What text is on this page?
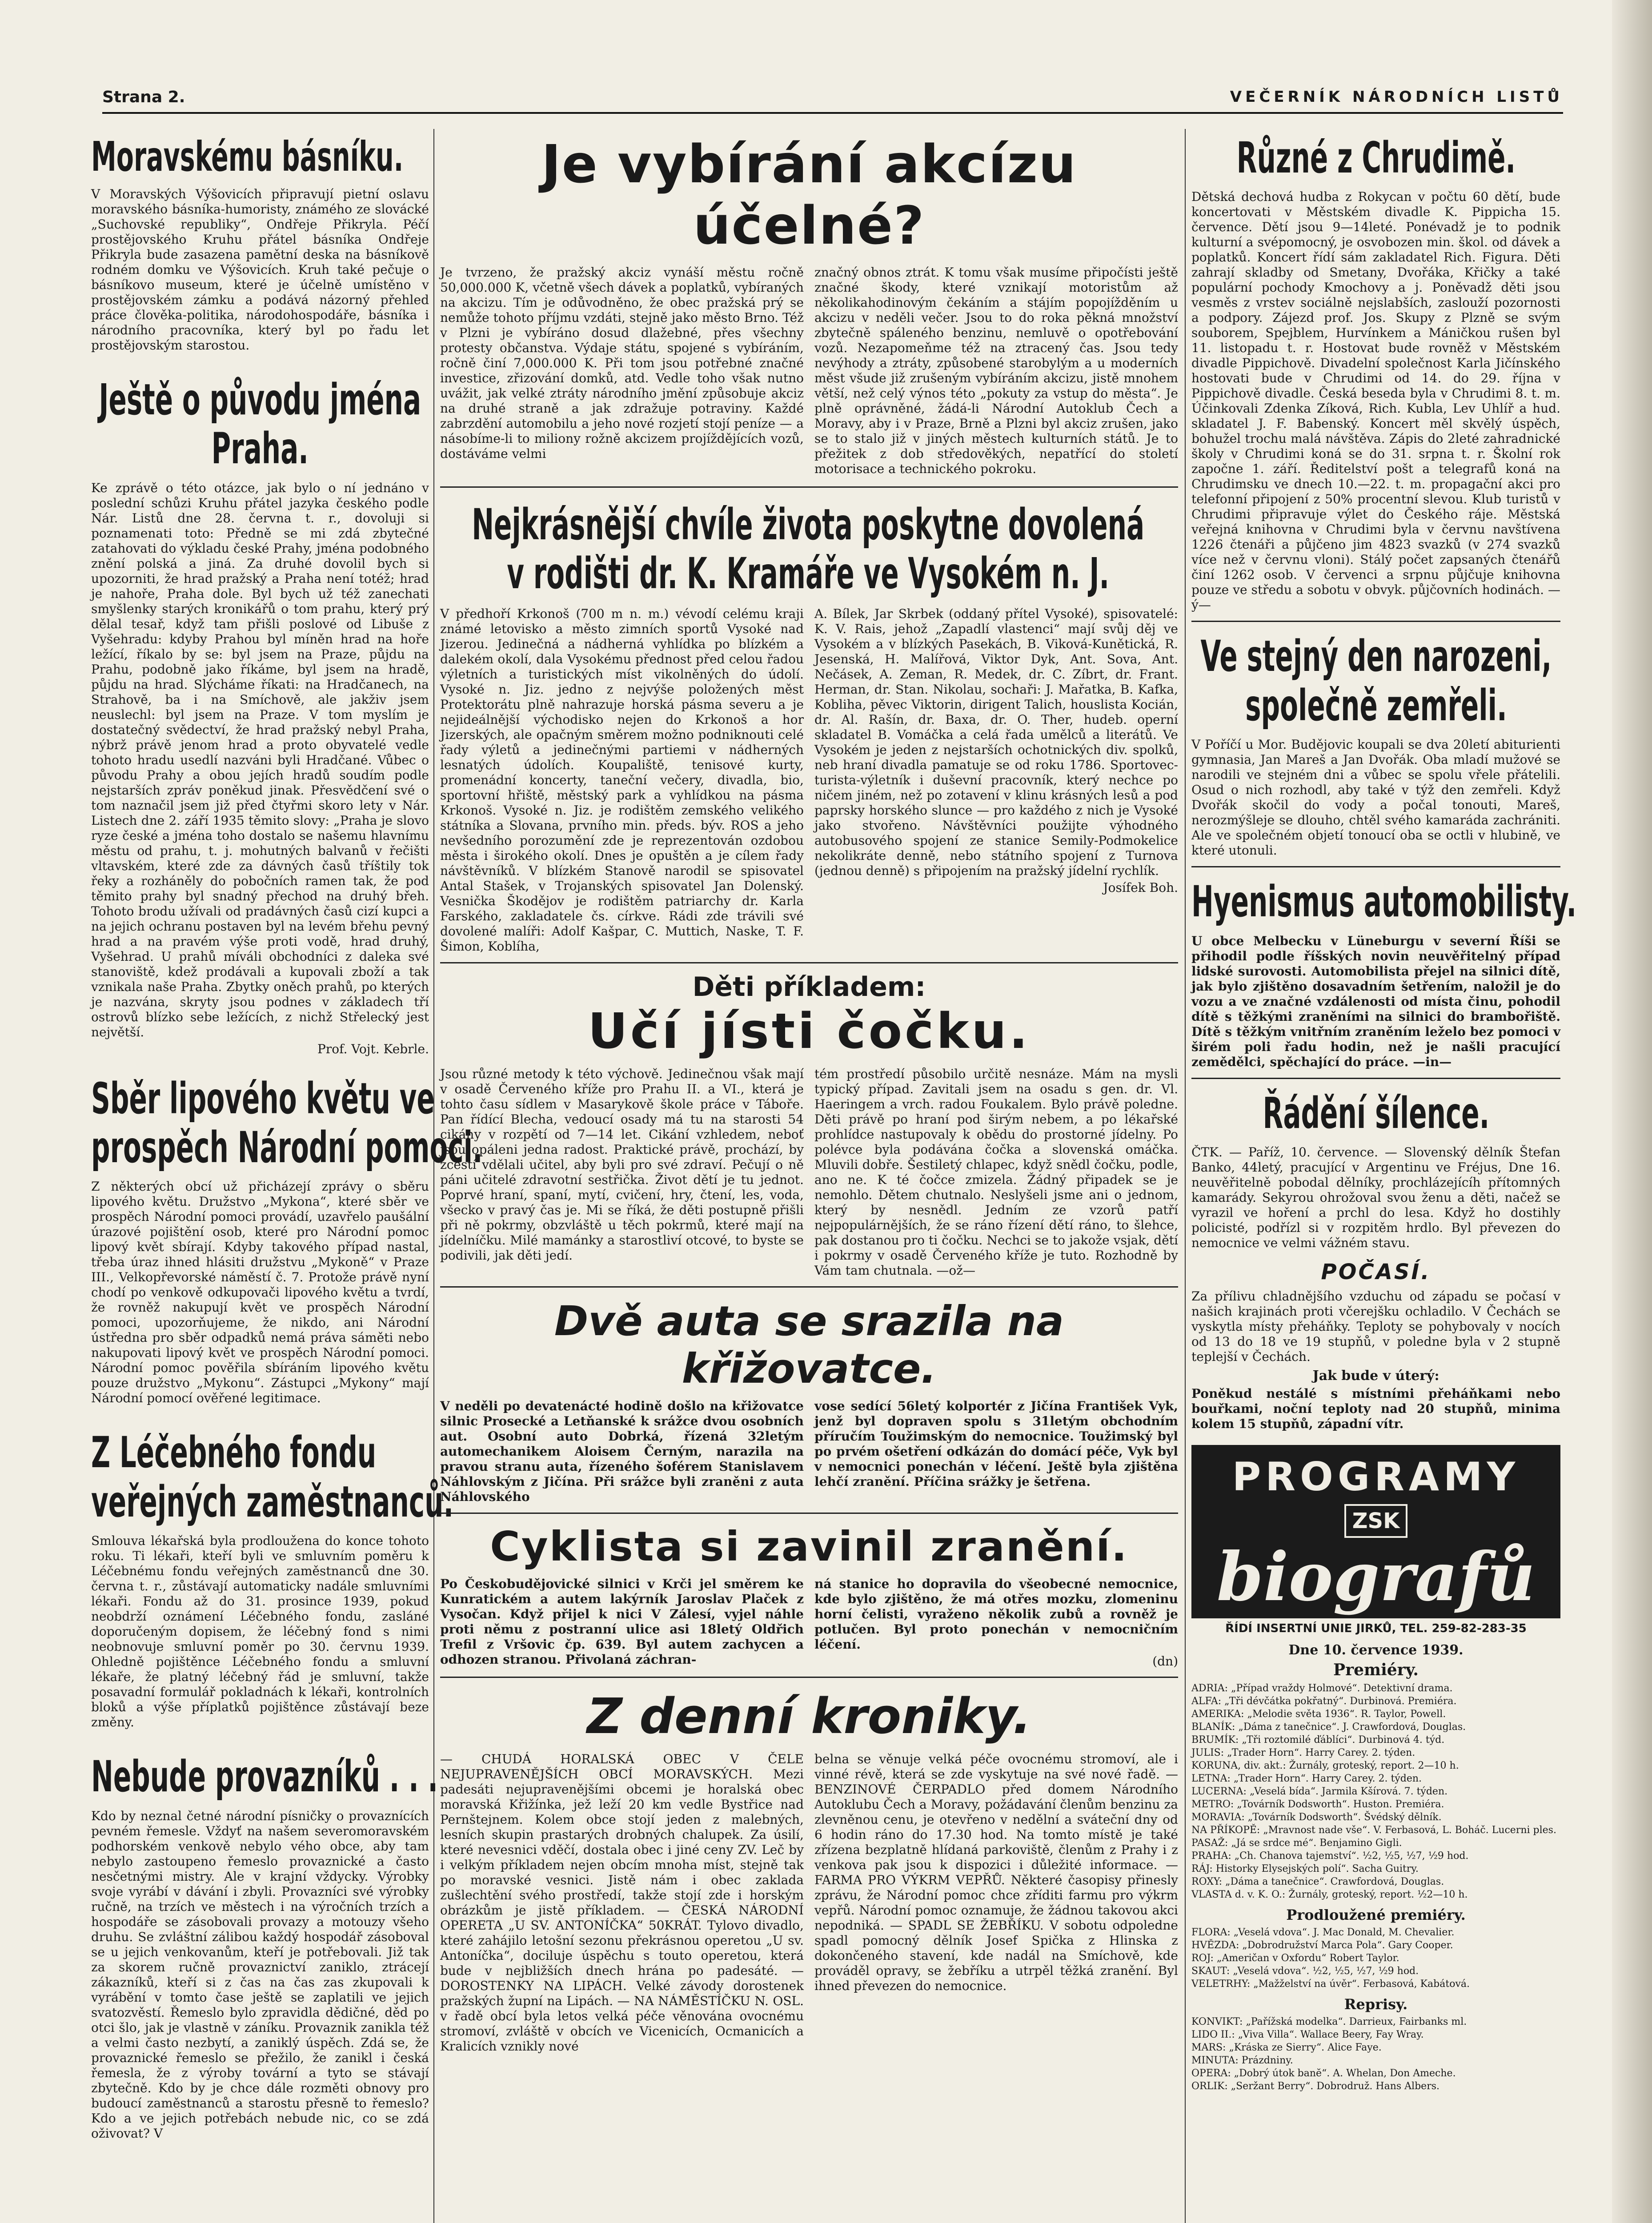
Strana 2.	VEČERNÍK NÁRODNÍCH LISTŮ
Moravskému básníku.

V Moravských Výšovicích připravují pietní oslavu moravského básníka-humoristy, známého ze slovácké „Suchovské republiky“, Ondřeje Přikryla. Péčí prostějovského Kruhu přátel básníka Ondřeje Přikryla bude zasazena pamětní deska na básníkově rodném domku ve Výšovicích. Kruh také pečuje o básníkovo museum, které je účelně umístěno v prostějovském zámku a podává názorný přehled práce člověka-politika, národohospodáře, básníka i národního pracovníka, který byl po řadu let prostějovským starostou.

Ještě o původu jména
Praha.

Ke zprávě o této otázce, jak bylo o ní jednáno v poslední schůzi Kruhu přátel jazyka českého podle Nár. Listů dne 28. června t. r., dovoluji si poznamenati toto: Předně se mi zdá zbytečné zatahovati do výkladu české Prahy, jména podobného znění polská a jiná. Za druhé dovolil bych si upozorniti, že hrad pražský a Praha není totéž; hrad je nahoře, Praha dole. Byl bych už též zanechati smyšlenky starých kronikářů o tom prahu, který prý dělal tesař, když tam přišli poslové od Libuše z Vyšehradu: kdyby Prahou byl míněn hrad na hoře ležící, říkalo by se: byl jsem na Praze, půjdu na Prahu, podobně jako říkáme, byl jsem na hradě, půjdu na hrad. Slýcháme říkati: na Hradčanech, na Strahově, ba i na Smíchově, ale jakživ jsem neuslechl: byl jsem na Praze. V tom myslím je dostatečný svědectví, že hrad pražský nebyl Praha, nýbrž právě jenom hrad a proto obyvatelé vedle tohoto hradu usedlí nazváni byli Hradčané. Vůbec o původu Prahy a obou jejích hradů soudím podle nejstarších zpráv poněkud jinak. Přesvědčení své o tom naznačil jsem již před čtyřmi skoro lety v Nár. Listech dne 2. září 1935 těmito slovy: „Praha je slovo ryze české a jména toho dostalo se našemu hlavnímu městu od prahu, t. j. mohutných balvanů v řečišti vltavském, které zde za dávných časů tříštily tok řeky a rozháněly do pobočních ramen tak, že pod těmito prahy byl snadný přechod na druhý břeh. Tohoto brodu užívali od pradávných časů cizí kupci a na jejich ochranu postaven byl na levém břehu pevný hrad a na pravém výše proti vodě, hrad druhý, Vyšehrad. U prahů míváli obchodníci z daleka své stanoviště, kdež prodávali a kupovali zboží a tak vznikala naše Praha. Zbytky oněch prahů, po kterých je nazvána, skryty jsou podnes v základech tří ostrovů blízko sebe ležících, z nichž Střelecký jest největší.

Prof. Vojt. Kebrle.

Sběr lipového květu ve
prospěch Národní pomoci.

Z některých obcí už přicházejí zprávy o sběru lipového květu. Družstvo „Mykona“, které sběr ve prospěch Národní pomoci provádí, uzavřelo paušální úrazové pojištění osob, které pro Národní pomoc lipový květ sbírají. Kdyby takového případ nastal, třeba úraz ihned hlásiti družstvu „Mykoně“ v Praze III., Velkopřevorské náměstí č. 7. Protože právě nyní chodí po venkově odkupovači lipového květu a tvrdí, že rovněž nakupují květ ve prospěch Národní pomoci, upozorňujeme, že nikdo, ani Národní ústředna pro sběr odpadků nemá práva sáměti nebo nakupovati lipový květ ve prospěch Národní pomoci. Národní pomoc pověřila sbíráním lipového květu pouze družstvo „Mykonu“. Zástupci „Mykony“ mají Národní pomocí ověřené legitimace.

Z Léčebného fondu
veřejných zaměstnanců.

Smlouva lékařská byla prodloužena do konce tohoto roku. Ti lékaři, kteří byli ve smluvním poměru k Léčebnému fondu veřejných zaměstnanců dne 30. června t. r., zůstávají automaticky nadále smluvními lékaři. Fondu až do 31. prosince 1939, pokud neobdrží oznámení Léčebného fondu, zasláné doporučeným dopisem, že léčebný fond s nimi neobnovuje smluvní poměr po 30. červnu 1939. Ohledně pojištěnce Léčebného fondu a smluvní lékaře, že platný léčebný řád je smluvní, takže posavadní formulář pokladnách k lékaři, kontrolních bloků a výše příplatků pojištěnce zůstávají beze změny.

Nebude provazníků . . .

Kdo by neznal četné národní písničky o provaznících pevném řemesle. Vždyť na našem severomoravském podhorském venkově nebylo vého obce, aby tam nebylo zastoupeno řemeslo provaznické a často nesčetnými mistry. Ale v krajní vždycky. Výrobky svoje vyrábí v dávání i zbyli. Provazníci své výrobky ručně, na trzích ve městech i na výročních trzích a hospodáře se zásobovali provazy a motouzy všeho druhu. Se zvláštní zálibou každý hospodář zásoboval se u jejich venkovanům, kteří je potřebovali. Již tak za skorem ručně provaznictví zaniklo, ztrácejí zákazníků, kteří si z čas na čas zas zkupovali k vyrábění v tomto čase ještě se zaplatili ve jejich svatozvěstí. Řemeslo bylo zpravidla dědičné, děd po otci šlo, jak je vlastně v záníku. Provaznik zanikla též a velmi často nezbytí, a zaniklý úspěch. Zdá se, že provaznické řemeslo se přežilo, že zanikl i česká řemesla, že z výroby tovární a tyto se stávají zbytečně. Kdo by je chce dále rozměti obnovy pro budoucí zaměstnanců a starostu přesně to řemeslo? Kdo a ve jejich potřebách nebude nic, co se zdá oživovat? V

Je vybírání akcízu účelné?

Je tvrzeno, že pražský akciz vynáší městu ročně 50,000.000 K, včetně všech dávek a poplatků, vybíraných na akcizu. Tím je odůvodněno, že obec pražská prý se nemůže tohoto příjmu vzdáti, stejně jako město Brno. Též v Plzni je vybíráno dosud dlažebné, přes všechny protesty občanstva. Výdaje státu, spojené s vybíráním, ročně činí 7,000.000 K. Při tom jsou potřebné značné investice, zřizování domků, atd. Vedle toho však nutno uvážit, jak velké ztráty národního jmění způsobuje akciz na druhé straně a jak zdražuje potraviny. Každé zabrzdění automobilu a jeho nové rozjetí stojí peníze — a násobíme-li to miliony rožně akcizem projíždějících vozů, dostáváme velmi

značný obnos ztrát. K tomu však musíme připočísti ještě značné škody, které vznikají motoristům až několikahodinovým čekáním a stájím popojížděním u akcizu v neděli večer. Jsou to do roka pěkná množství zbytečně spáleného benzinu, nemluvě o opotřebování vozů. Nezapomeňme též na ztracený čas. Jsou tedy nevýhody a ztráty, způsobené starobylým a u moderních měst všude již zrušeným vybíráním akcizu, jistě mnohem větší, než celý výnos této „pokuty za vstup do města“. Je plně oprávněné, žádá-li Národní Autoklub Čech a Moravy, aby i v Praze, Brně a Plzni byl akciz zrušen, jako se to stalo již v jiných městech kulturních států. Je to přežitek z dob středověkých, nepatřící do století motorisace a technického pokroku.

Nejkrásnější chvíle života poskytne dovolená
v rodišti dr. K. Kramáře ve Vysokém n. J.

V předhoří Krkonoš (700 m n. m.) vévodí celému kraji známé letovisko a město zimních sportů Vysoké nad Jizerou. Jedinečná a nádherná vyhlídka po blízkém a dalekém okolí, dala Vysokému přednost před celou řadou výletních a turistických míst vikolněných do údolí. Vysoké n. Jiz. jedno z nejvýše položených měst Protektorátu plně nahrazuje horská pásma severu a je nejideálnější východisko nejen do Krkonoš a hor Jizerských, ale opačným směrem možno podniknouti celé řady výletů a jedinečnými partiemi v nádherných lesnatých údolích. Koupaliště, tenisové kurty, promenádní koncerty, taneční večery, divadla, bio, sportovní hřiště, městský park a vyhlídkou na pásma Krkonoš. Vysoké n. Jiz. je rodištěm zemského velikého státníka a Slovana, prvního min. předs. býv. ROS a jeho nevšedního porozumění zde je reprezentován ozdobou města i širokého okolí. Dnes je opuštěn a je cílem řady návštěvníků. V blízkém Stanově narodil se spisovatel Antal Stašek, v Trojanských spisovatel Jan Dolenský. Vesnička Škodějov je rodištěm patriarchy dr. Karla Farského, zakladatele čs. církve. Rádi zde trávili své dovolené malíři: Adolf Kašpar, C. Muttich, Naske, T. F. Šimon, Koblíha,

A. Bílek, Jar Skrbek (oddaný přítel Vysoké), spisovatelé: K. V. Rais, jehož „Zapadlí vlastenci“ mají svůj děj ve Vysokém a v blízkých Pasekách, B. Viková-Kunětická, R. Jesenská, H. Malířová, Viktor Dyk, Ant. Sova, Ant. Nečásek, A. Zeman, R. Medek, dr. C. Zíbrt, dr. Frant. Herman, dr. Stan. Nikolau, sochaři: J. Mařatka, B. Kafka, Kobliha, pěvec Viktorin, dirigent Talich, houslista Kocián, dr. Al. Rašín, dr. Baxa, dr. O. Ther, hudeb. operní skladatel B. Vomáčka a celá řada umělců a literátů. Ve Vysokém je jeden z nejstarších ochotnických div. spolků, neb hraní divadla pamatuje se od roku 1786. Sportovec-turista-výletník i duševní pracovník, který nechce po ničem jiném, než po zotavení v klinu krásných lesů a pod paprsky horského slunce — pro každého z nich je Vysoké jako stvořeno. Návštěvníci použijte výhodného autobusového spojení ze stanice Semily-Podmokelice nekolikráte denně, nebo státního spojení z Turnova (jednou denně) s připojením na pražský jídelní rychlík.

Josífek Boh.

Děti příkladem:

Učí jísti čočku.

Jsou různé metody k této výchově. Jedinečnou však mají v osadě Červeného kříže pro Prahu II. a VI., která je tohto času sídlem v Masarykově škole práce v Táboře. Pan řídící Blecha, vedoucí osady má tu na starosti 54 cikány v rozpětí od 7—14 let. Cikání vzhledem, neboť jsou opáleni jedna radost. Praktické právě, prochází, by zcestí vdělali učitel, aby byli pro své zdraví. Pečují o ně páni učitelé zdravotní sestřička. Život dětí je tu jednot. Poprvé hraní, spaní, mytí, cvičení, hry, čtení, les, voda, všecko v pravý čas je. Mi se říká, že děti postupně přišli při ně pokrmy, obzvláště u těch pokrmů, které mají na jídelníčku. Milé mamánky a starostliví otcové, to byste se podivili, jak děti jedí.

tém prostředí působilo určitě nesnáze. Mám na mysli typický případ. Zavitali jsem na osadu s gen. dr. Vl. Haeringem a vrch. radou Foukalem. Bylo právě poledne. Děti právě po hraní pod širým nebem, a po lékařské prohlídce nastupovaly k obědu do prostorné jídelny. Po polévce byla podávána čočka a slovenská omáčka. Mluvili dobře. Šestiletý chlapec, když snědl čočku, podle, ano ne. K té čočce zmizela. Žádný připadek se je nemohlo. Dětem chutnalo. Neslyšeli jsme ani o jednom, který by nesnědl. Jedním ze vzorů patří nejpopulárnějších, že se ráno řízení dětí ráno, to šlehce, pak dostanou pro ti čočku. Nechci se to jakože vsjak, dětí i pokrmy v osadě Červeného kříže je tuto. Rozhodně by Vám tam chutnala. —ož—

Dvě auta se srazila na křižovatce.

V neděli po devatenácté hodině došlo na křižovatce silnic Prosecké a Letňanské k srážce dvou osobních aut. Osobní auto Dobrká, řízená 32letým automechanikem Aloisem Černým, narazila na pravou stranu auta, řízeného šoférem Stanislavem Náhlovským z Jičína. Při srážce byli zraněni z auta Náhlovského

vose sedící 56letý kolportér z Jičína František Vyk, jenž byl dopraven spolu s 31letým obchodním příručím Toužimským do nemocnice. Toužimský byl po prvém ošetření odkázán do domácí péče, Vyk byl v nemocnici ponechán v léčení. Ještě byla zjištěna lehčí zranění. Příčina srážky je šetřena.

Cyklista si zavinil zranění.

Po Českobudějovické silnici v Krči jel směrem ke Kunratickém a autem lakýrník Jaroslav Plaček z Vysočan. Když přijel k nici V Zálesí, vyjel náhle proti němu z postranní ulice asi 18letý Oldřich Trefil z Vršovic čp. 639. Byl autem zachycen a odhozen stranou. Přivolaná záchran-

ná stanice ho dopravila do všeobecné nemocnice, kde bylo zjištěno, že má otřes mozku, zlomeninu horní čelisti, vyraženo několik zubů a rovněž je potlučen. Byl proto ponechán v nemocničním léčení.

(dn)

Z denní kroniky.

— CHUDÁ HORALSKÁ OBEC V ČELE NEJUPRAVENĚJŠÍCH OBCÍ MORAVSKÝCH. Mezi padesáti nejupravenějšími obcemi je horalská obec moravská Křižínka, jež leží 20 km vedle Bystřice nad Pernštejnem. Kolem obce stojí jeden z malebných, lesních skupin prastarých drobných chalupek. Za úsilí, které nevesnici vděčí, dostala obec i jiné ceny ZV. Leč by i velkým příkladem nejen obcím mnoha míst, stejně tak po moravské vesnici. Jistě nám i obec zaklada zušlechtění svého prostředí, takže stojí zde i horským obrázkům je jistě příkladem. — ČESKÁ NÁRODNÍ OPERETA „U SV. ANTONÍČKA“ 50KRÁT. Tylovo divadlo, které zahájilo letošní sezonu překrásnou operetou „U sv. Antoníčka“, dociluje úspěchu s touto operetou, která bude v nejbližších dnech hrána po padesáté. — DOROSTENKY NA LIPÁCH. Velké závody dorostenek pražských župní na Lipách. — NA NÁMĚSTÍČKU N. OSL. v řadě obcí byla letos velká péče věnována ovocnému stromoví, zvláště v obcích ve Vicenicích, Ocmanicích a Kralicích vznikly nové

belna se věnuje velká péče ovocnému stromoví, ale i vinné révě, která se zde vyskytuje na své nové řadě. — BENZINOVÉ ČERPADLO před domem Národního Autoklubu Čech a Moravy, požádavání členům benzinu za zlevněnou cenu, je otevřeno v nedělní a sváteční dny od 6 hodin ráno do 17.30 hod. Na tomto místě je také zřízena bezplatně hlídaná parkoviště, členům z Prahy i z venkova pak jsou k dispozici i důležité informace. — FARMA PRO VÝKRM VEPŘŮ. Některé časopisy přinesly zprávu, že Národní pomoc chce zříditi farmu pro výkrm vepřů. Národní pomoc oznamuje, že žádnou takovou akci nepodniká. — SPADL SE ŽEBŘÍKU. V sobotu odpoledne spadl pomocný dělník Josef Spička z Hlinska z dokončeného stavení, kde nadál na Smíchově, kde prováděl opravy, se žebříku a utrpěl těžká zranění. Byl ihned převezen do nemocnice.

Různé z Chrudimě.

Dětská dechová hudba z Rokycan v počtu 60 dětí, bude koncertovati v Městském divadle K. Pippicha 15. července. Dětí jsou 9—14leté. Ponévadž je to podnik kulturní a svépomocný, je osvobozen min. škol. od dávek a poplatků. Koncert řídí sám zakladatel Rich. Figura. Děti zahrají skladby od Smetany, Dvořáka, Křičky a také populární pochody Kmochovy a j. Poněvadž děti jsou vesměs z vrstev sociálně nejslabších, zaslouží pozornosti a podpory. Zájezd prof. Jos. Skupy z Plzně se svým souborem, Spejblem, Hurvínkem a Máničkou rušen byl 11. listopadu t. r. Hostovat bude rovněž v Městském divadle Pippichově. Divadelní společnost Karla Jičínského hostovati bude v Chrudimi od 14. do 29. října v Pippichově divadle. Česká beseda byla v Chrudimi 8. t. m. Účinkovali Zdenka Zíková, Rich. Kubla, Lev Uhlíř a hud. skladatel J. F. Babenský. Koncert měl skvělý úspěch, bohužel trochu malá návštěva. Zápis do 2leté zahradnické školy v Chrudimi koná se do 31. srpna t. r. Školní rok započne 1. září. Ředitelství pošt a telegrafů koná na Chrudimsku ve dnech 10.—22. t. m. propagační akci pro telefonní připojení z 50% procentní slevou. Klub turistů v Chrudimi připravuje výlet do Českého ráje. Městská veřejná knihovna v Chrudimi byla v červnu navštívena 1226 čtenáři a půjčeno jim 4823 svazků (v 274 svazků více než v červnu vloni). Stálý počet zapsaných čtenářů činí 1262 osob. V červenci a srpnu půjčuje knihovna pouze ve středu a sobotu v obvyk. půjčovních hodinách. —ý—

Ve stejný den narozeni,
společně zemřeli.

V Poříčí u Mor. Budějovic koupali se dva 20letí abiturienti gymnasia, Jan Mareš a Jan Dvořák. Oba mladí mužové se narodili ve stejném dni a vůbec se spolu vřele přátelili. Osud o nich rozhodl, aby také v týž den zemřeli. Když Dvořák skočil do vody a počal tonouti, Mareš, nerozmýšleje se dlouho, chtěl svého kamaráda zachrániti. Ale ve společném objetí tonoucí oba se octli v hlubině, ve které utonuli.

Hyenismus automobilisty.

U obce Melbecku v Lüneburgu v severní Říši se přihodil podle říšských novin neuvěřitelný případ lidské surovosti. Automobilista přejel na silnici dítě, jak bylo zjištěno dosavadním šetřením, naložil je do vozu a ve značné vzdálenosti od místa činu, pohodil dítě s těžkými zraněními na silnici do brambořiště. Dítě s těžkým vnitřním zraněním leželo bez pomoci v širém poli řadu hodin, než je našli pracující zemědělci, spěchající do práce. —in—

Řádění šílence.

ČTK. — Paříž, 10. července. — Slovenský dělník Štefan Banko, 44letý, pracující v Argentinu ve Fréjus, Dne 16. neuvěřitelně pobodal dělníky, prochlázejícíh přítomných kamarády. Sekyrou ohrožoval svou ženu a děti, načež se vyrazil ve hoření a prchl do lesa. Když ho dostihly policisté, podřízl si v rozpitěm hrdlo. Byl převezen do nemocnice ve velmi vážném stavu.

POČASÍ.

Za přílivu chladnějšího vzduchu od západu se počasí v našich krajinách proti včerejšku ochladilo. V Čechách se vyskytla místy přeháňky. Teploty se pohybovaly v nocích od 13 do 18 ve 19 stupňů, v poledne byla v 2 stupně teplejší v Čechách.

Jak bude v úterý:

Poněkud nestálé s místními přeháňkami nebo bouřkami, noční teploty nad 20 stupňů, minima kolem 15 stupňů, západní vítr.

PROGRAMY
ZSK biografů

ŘÍDÍ INSERTNÍ UNIE JIRKŮ, TEL. 259-82-283-35

Dne 10. července 1939.

Premiéry.

ADRIA: „Případ vraždy Holmové“. Detektivní drama.

ALFA: „Tři dévčátka pokřatný“. Durbinová. Premiéra.

AMERIKA: „Melodie světa 1936“. R. Taylor, Powell.

BLANÍK: „Dáma z tanečnice“. J. Crawfordová, Douglas.

BRUMÍK: „Tři roztomilé ďáblíci“. Durbinová 4. týd.

JULIS: „Trader Horn“. Harry Carey. 2. týden.

KORUNA, div. akt.: Žurnály, groteský, report. 2—10 h.

LETNA: „Trader Horn“. Harry Carey. 2. týden.

LUCERNA: „Veselá bída“. Jarmila Kšírová. 7. týden.

METRO: „Továrník Dodsworth“. Huston. Premiéra.

MORAVIA: „Továrník Dodsworth“. Švédský dělník.

NA PŘÍKOPĚ: „Mravnost nade vše“. V. Ferbasová, L. Boháč. Lucerni ples.

PASAŽ: „Já se srdce mé“. Benjamino Gigli.

PRAHA: „Ch. Chanova tajemství“. ½2, ½5, ½7, ½9 hod.

RÁJ: Historky Elysejských polí“. Sacha Guitry.

ROXY: „Dáma a tanečnice“. Crawfordová, Douglas.

VLASTA d. v. K. O.: Žurnály, groteský, report. ½2—10 h.

Prodloužené premiéry.

FLORA: „Veselá vdova“. J. Mac Donald, M. Chevalier.

HVĚZDA: „Dobrodružství Marca Pola“. Gary Cooper.

ROJ: „Američan v Oxfordu“ Robert Taylor.

SKAUT: „Veselá vdova“. ½2, ½5, ½7, ½9 hod.

VELETRHY: „Mažželství na úvěr“. Ferbasová, Kabátová.

Reprisy.

KONVIKT: „Pařížská modelka“. Darrieux, Fairbanks ml.

LIDO II.: „Viva Villa“. Wallace Beery, Fay Wray.

MARS: „Kráska ze Sierry“. Alice Faye.

MINUTA: Prázdniny.

OPERA: „Dobrý útok banĕ“. A. Whelan, Don Ameche.

ORLIK: „Seržant Berry“. Dobrodruž. Hans Albers.
